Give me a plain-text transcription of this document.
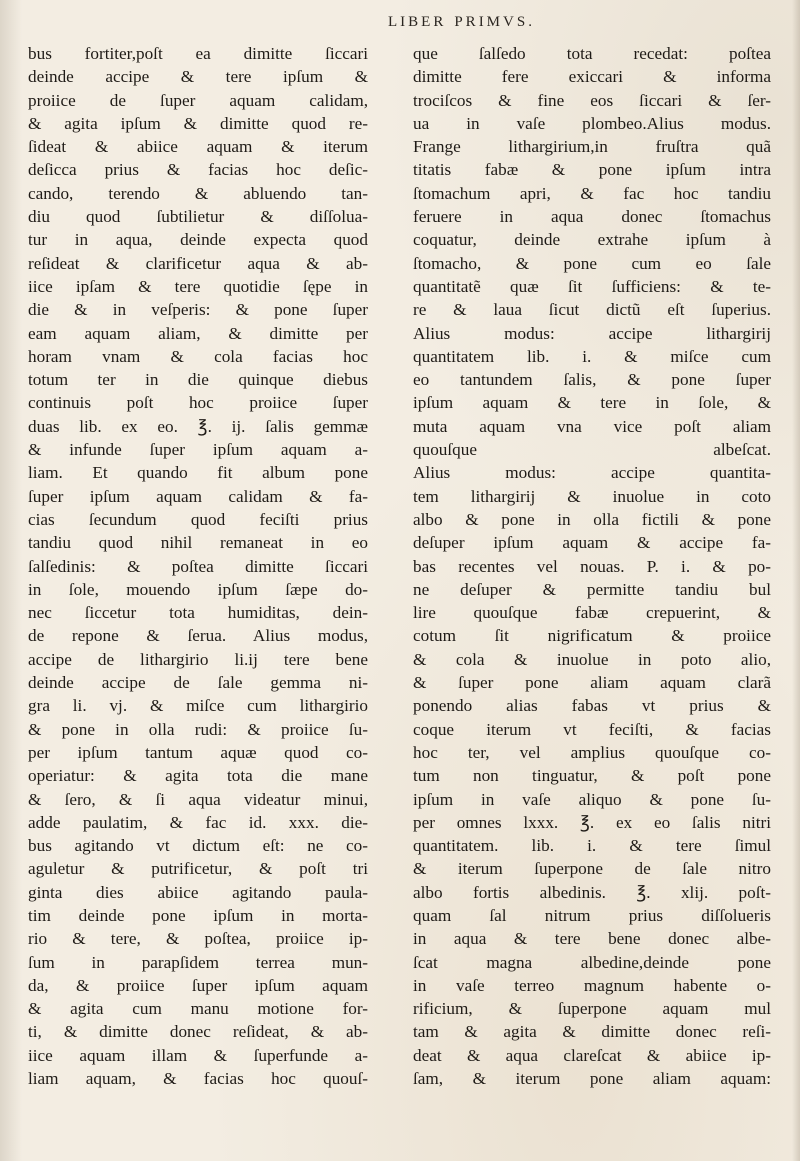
LIBER PRIMVS.
bus fortiter,poſt ea dimitte ſiccari
deinde accipe & tere ipſum &
proiice de ſuper aquam calidam,
& agita ipſum & dimitte quod re-
ſideat & abiice aquam & iterum
deſicca prius & facias hoc deſic-
cando, terendo & abluendo tan-
diu quod ſubtilietur & diſſolua-
tur in aqua, deinde expecta quod
reſideat & clarificetur aqua & ab-
iice ipſam & tere quotidie ſępe in
die & in veſperis: & pone ſuper
eam aquam aliam, & dimitte per
horam vnam & cola facias hoc
totum ter in die quinque diebus
continuis poſt hoc proiice ſuper
duas lib. ex eo. ℥. ij. ſalis gemmæ
& infunde ſuper ipſum aquam a-
liam. Et quando fit album pone
ſuper ipſum aquam calidam & fa-
cias ſecundum quod feciſti prius
tandiu quod nihil remaneat in eo
ſalſedinis: & poſtea dimitte ſiccari
in ſole, mouendo ipſum ſæpe do-
nec ſiccetur tota humiditas, dein-
de repone & ſerua. Alius modus,
accipe de lithargirio li.ij tere bene
deinde accipe de ſale gemma ni-
gra li. vj. & miſce cum lithargirio
& pone in olla rudi: & proiice ſu-
per ipſum tantum aquæ quod co-
operiatur: & agita tota die mane
& ſero, & ſi aqua videatur minui,
adde paulatim, & fac id. xxx. die-
bus agitando vt dictum eſt: ne co-
aguletur & putrificetur, & poſt tri
ginta dies abiice agitando paula-
tim deinde pone ipſum in morta-
rio & tere, & poſtea, proiice ip-
ſum in parapſidem terrea mun-
da, & proiice ſuper ipſum aquam
& agita cum manu motione for-
ti, & dimitte donec reſideat, & ab-
iice aquam illam & ſuperfunde a-
liam aquam, & facias hoc quouſ-
que ſalſedo tota recedat: poſtea
dimitte fere exiccari & informa
trociſcos & fine eos ſiccari & ſer-
ua in vaſe plombeo.Alius modus.
Frange lithargirium,in fruſtra quã
titatis fabæ & pone ipſum intra
ſtomachum apri, & fac hoc tandiu
feruere in aqua donec ſtomachus
coquatur, deinde extrahe ipſum à
ſtomacho, & pone cum eo ſale
quantitatẽ quæ ſit ſufficiens: & te-
re & laua ſicut dictũ eſt ſuperius.
Alius modus: accipe lithargirij
quantitatem lib. i. & miſce cum
eo tantundem ſalis, & pone ſuper
ipſum aquam & tere in ſole, &
muta aquam vna vice poſt aliam
quouſque albeſcat.
Alius modus: accipe quantita-
tem lithargirij & inuolue in coto
albo & pone in olla fictili & pone
deſuper ipſum aquam & accipe fa-
bas recentes vel nouas. P. i. & po-
ne deſuper & permitte tandiu bul
lire quouſque fabæ crepuerint, &
cotum ſit nigrificatum & proiice
& cola & inuolue in poto alio,
& ſuper pone aliam aquam clarã
ponendo alias fabas vt prius &
coque iterum vt feciſti, & facias
hoc ter, vel amplius quouſque co-
tum non tinguatur, & poſt pone
ipſum in vaſe aliquo & pone ſu-
per omnes lxxx. ℥. ex eo ſalis nitri
quantitatem. lib. i. & tere ſimul
& iterum ſuperpone de ſale nitro
albo fortis albedinis. ℥. xlij. poſt-
quam ſal nitrum prius diſſolueris
in aqua & tere bene donec albe-
ſcat magna albedine,deinde pone
in vaſe terreo magnum habente o-
rificium, & ſuperpone aquam mul
tam & agita & dimitte donec reſi-
deat & aqua clareſcat & abiice ip-
ſam, & iterum pone aliam aquam:
